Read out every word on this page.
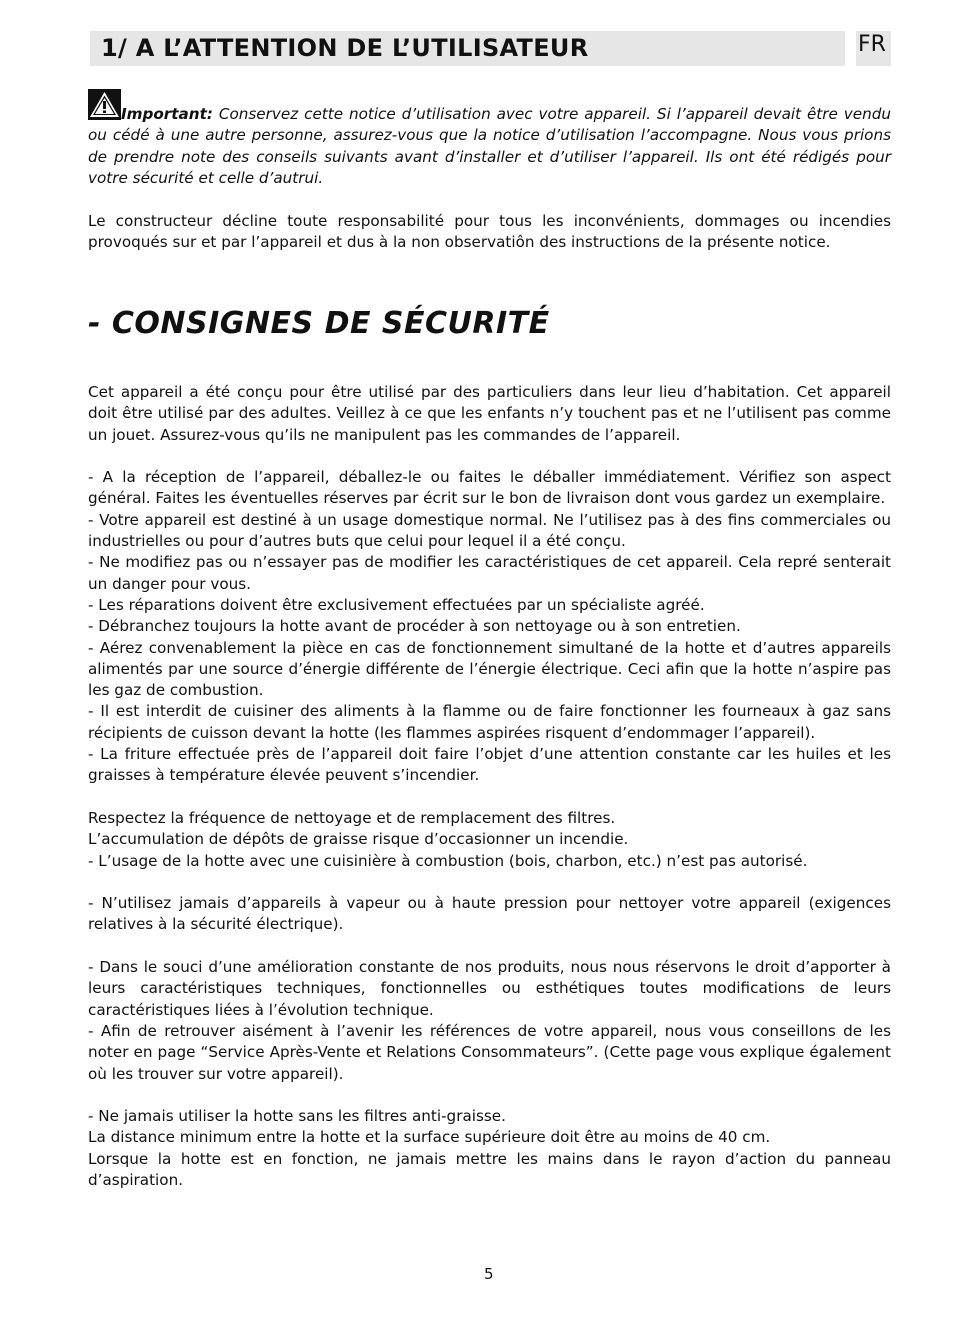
1/ A L’ATTENTION DE L’UTILISATEUR	FR

Important: Conservez cette notice d’utilisation avec votre appareil. Si l’appareil devait être vendu ou cédé à une autre personne, assurez-vous que la notice d’utilisation l’accompagne. Nous vous prions de prendre note des conseils suivants avant d’installer et d’utiliser l’appareil. Ils ont été rédigés pour votre sécurité et celle d’autrui.

Le constructeur décline toute responsabilité pour tous les inconvénients, dommages ou incendies provoqués sur et par l’appareil et dus à la non observatiôn des instructions de la présente notice.

- CONSIGNES DE SÉCURITÉ
Cet appareil a été conçu pour être utilisé par des particuliers dans leur lieu d’habitation. Cet appareil doit être utilisé par des adultes. Veillez à ce que les enfants n’y touchent pas et ne l’utilisent pas comme un jouet. Assurez-vous qu’ils ne manipulent pas les commandes de l’appareil.
- A la réception de l’appareil, déballez-le ou faites le déballer immédiatement. Vérifiez son aspect général. Faites les éventuelles réserves par écrit sur le bon de livraison dont vous gardez un exemplaire.
- Votre appareil est destiné à un usage domestique normal. Ne l’utilisez pas à des fins commerciales ou industrielles ou pour d’autres buts que celui pour lequel il a été conçu.
- Ne modifiez pas ou n’essayer pas de modifier les caractéristiques de cet appareil. Cela repré senterait un danger pour vous.
- Les réparations doivent être exclusivement effectuées par un spécialiste agréé.
- Débranchez toujours la hotte avant de procéder à son nettoyage ou à son entretien.
- Aérez convenablement la pièce en cas de fonctionnement simultané de la hotte et d’autres appareils alimentés par une source d’énergie différente de l’énergie électrique. Ceci afin que la hotte n’aspire pas les gaz de combustion.
- Il est interdit de cuisiner des aliments à la flamme ou de faire fonctionner les fourneaux à gaz sans récipients de cuisson devant la hotte (les flammes aspirées risquent d’endommager l’appareil).
- La friture effectuée près de l’appareil doit faire l’objet d’une attention constante car les huiles et les graisses à température élevée peuvent s’incendier.
Respectez la fréquence de nettoyage et de remplacement des filtres.
L’accumulation de dépôts de graisse risque d’occasionner un incendie.
- L’usage de la hotte avec une cuisinière à combustion (bois, charbon, etc.) n’est pas autorisé.
- N’utilisez jamais d’appareils à vapeur ou à haute pression pour nettoyer votre appareil (exigences relatives à la sécurité électrique).
- Dans le souci d’une amélioration constante de nos produits, nous nous réservons le droit d’apporter à leurs caractéristiques techniques, fonctionnelles ou esthétiques toutes modifications de leurs caractéristiques liées à l’évolution technique.
- Afin de retrouver aisément à l’avenir les références de votre appareil, nous vous conseillons de les noter en page “Service Après-Vente et Relations Consommateurs”. (Cette page vous explique également où les trouver sur votre appareil).
- Ne jamais utiliser la hotte sans les filtres anti-graisse.
La distance minimum entre la hotte et la surface supérieure doit être au moins de 40 cm.
Lorsque la hotte est en fonction, ne jamais mettre les mains dans le rayon d’action du panneau d’aspiration.
5
